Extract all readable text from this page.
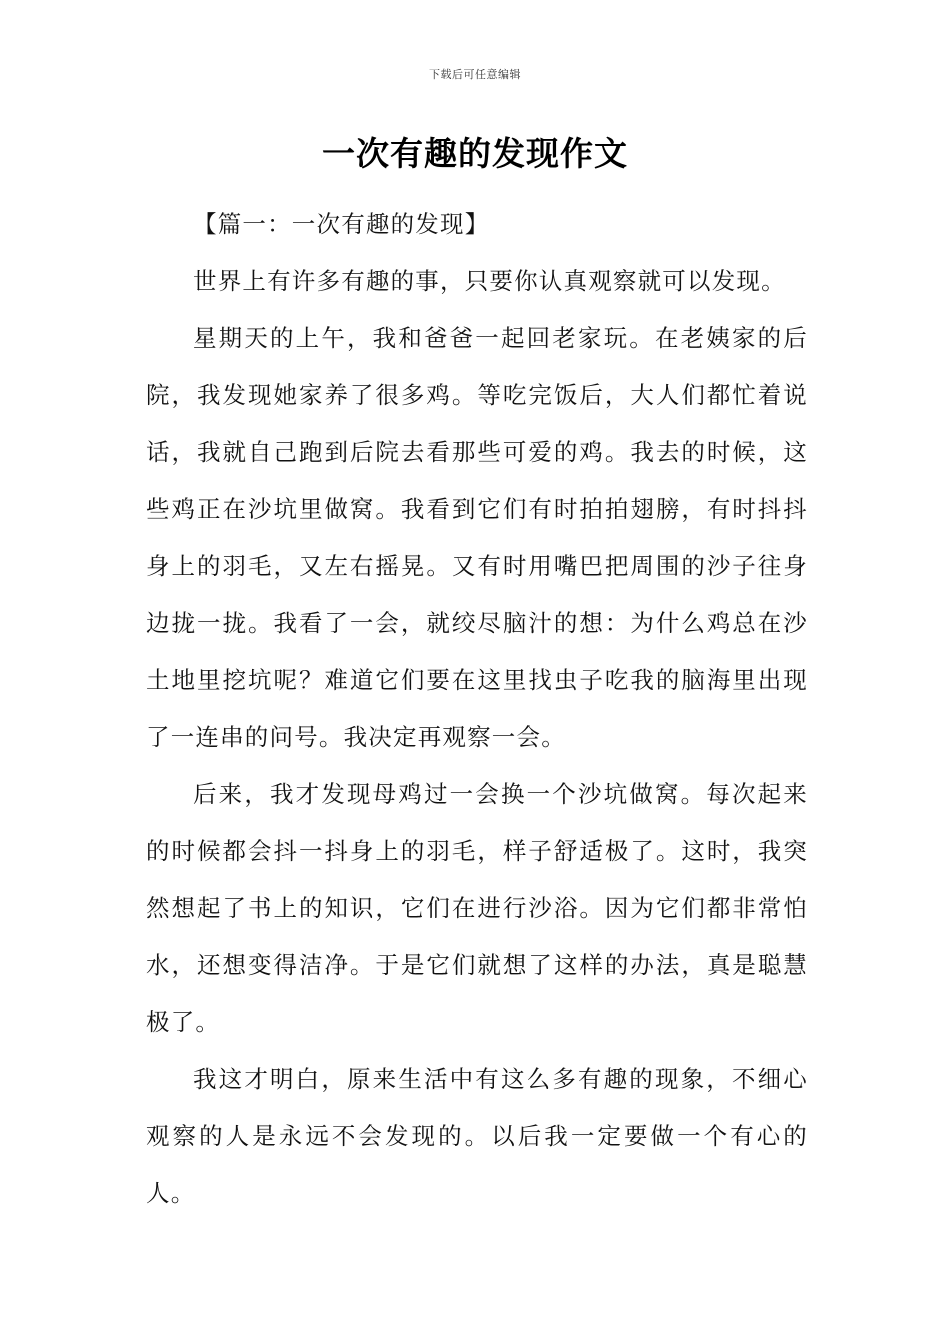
下载后可任意编辑
一次有趣的发现作文

【篇一：一次有趣的发现】

世界上有许多有趣的事，只要你认真观察就可以发现。

星期天的上午，我和爸爸一起回老家玩。在老姨家的后院，我发现她家养了很多鸡。等吃完饭后，大人们都忙着说话，我就自己跑到后院去看那些可爱的鸡。我去的时候，这些鸡正在沙坑里做窝。我看到它们有时拍拍翅膀，有时抖抖身上的羽毛，又左右摇晃。又有时用嘴巴把周围的沙子往身边拢一拢。我看了一会，就绞尽脑汁的想：为什么鸡总在沙土地里挖坑呢？难道它们要在这里找虫子吃我的脑海里出现了一连串的问号。我决定再观察一会。

后来，我才发现母鸡过一会换一个沙坑做窝。每次起来的时候都会抖一抖身上的羽毛，样子舒适极了。这时，我突然想起了书上的知识，它们在进行沙浴。因为它们都非常怕水，还想变得洁净。于是它们就想了这样的办法，真是聪慧极了。

我这才明白，原来生活中有这么多有趣的现象，不细心观察的人是永远不会发现的。以后我一定要做一个有心的人。
